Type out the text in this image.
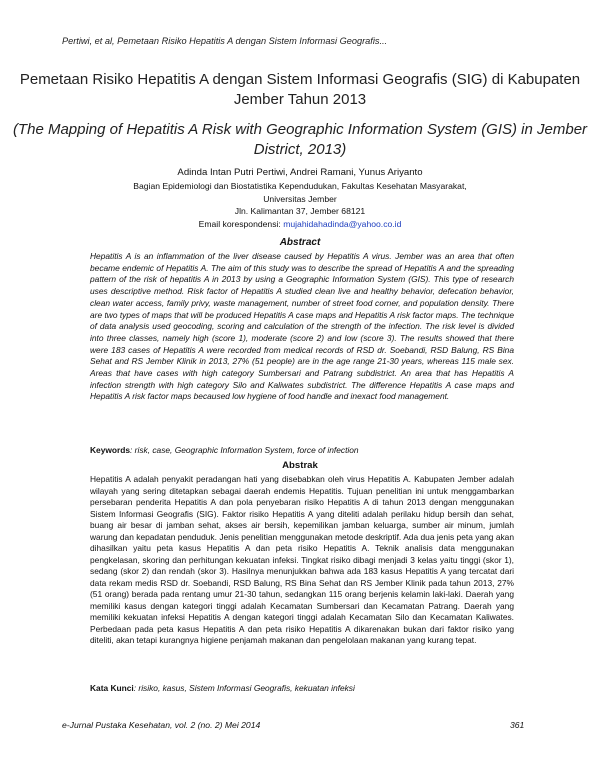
Pertiwi, et al, Pemetaan Risiko Hepatitis A dengan Sistem Informasi Geografis...
Pemetaan Risiko Hepatitis A dengan Sistem Informasi Geografis (SIG) di Kabupaten Jember Tahun 2013
(The Mapping of Hepatitis A Risk with Geographic Information System (GIS) in Jember District, 2013)
Adinda Intan Putri Pertiwi, Andrei Ramani, Yunus Ariyanto
Bagian Epidemiologi dan Biostatistika Kependudukan, Fakultas Kesehatan Masyarakat,
Universitas Jember
Jln. Kalimantan 37, Jember 68121
Email korespondensi: mujahidahadinda@yahoo.co.id
Abstract
Hepatitis A is an inflammation of the liver disease caused by Hepatitis A virus. Jember was an area that often became endemic of Hepatitis A. The aim of this study was to describe the spread of Hepatitis A and the spreading pattern of the risk of hepatitis A in 2013 by using a Geographic Information System (GIS). This type of research uses descriptive method. Risk factor of Hepatitis A studied clean live and healthy behavior, defecation behavior, clean water access, family privy, waste management, number of street food corner, and population density. There are two types of maps that will be produced Hepatitis A case maps and Hepatitis A risk factor maps. The technique of data analysis used geocoding, scoring and calculation of the strength of the infection. The risk level is divided into three classes, namely high (score 1), moderate (score 2) and low (score 3). The results showed that there were 183 cases of Hepatitis A were recorded from medical records of RSD dr. Soebandi, RSD Balung, RS Bina Sehat and RS Jember Klinik in 2013, 27% (51 people) are in the age range 21-30 years, whereas 115 male sex. Areas that have cases with high category Sumbersari and Patrang subdistrict. An area that has Hepatitis A infection strength with high category Silo and Kaliwates subdistrict. The difference Hepatitis A case maps and Hepatitis A risk factor maps becaused low hygiene of food handle and inexact food management.
Keywords: risk, case, Geographic Information System, force of infection
Abstrak
Hepatitis A adalah penyakit peradangan hati yang disebabkan oleh virus Hepatitis A. Kabupaten Jember adalah wilayah yang sering ditetapkan sebagai daerah endemis Hepatitis. Tujuan penelitian ini untuk menggambarkan persebaran penderita Hepatitis A dan pola penyebaran risiko Hepatitis A di tahun 2013 dengan menggunakan Sistem Informasi Geografis (SIG). Faktor risiko Hepatitis A yang diteliti adalah perilaku hidup bersih dan sehat, buang air besar di jamban sehat, akses air bersih, kepemilikan jamban keluarga, sumber air minum, jumlah warung dan kepadatan penduduk. Jenis penelitian menggunakan metode deskriptif. Ada dua jenis peta yang akan dihasilkan yaitu peta kasus Hepatitis A dan peta risiko Hepatitis A. Teknik analisis data menggunakan pengkelasan, skoring dan perhitungan kekuatan infeksi. Tingkat risiko dibagi menjadi 3 kelas yaitu tinggi (skor 1), sedang (skor 2) dan rendah (skor 3). Hasilnya menunjukkan bahwa ada 183 kasus Hepatitis A yang tercatat dari data rekam medis RSD dr. Soebandi, RSD Balung, RS Bina Sehat dan RS Jember Klinik pada tahun 2013, 27% (51 orang) berada pada rentang umur 21-30 tahun, sedangkan 115 orang berjenis kelamin laki-laki. Daerah yang memiliki kasus dengan kategori tinggi adalah Kecamatan Sumbersari dan Kecamatan Patrang. Daerah yang memiliki kekuatan infeksi Hepatitis A dengan kategori tinggi adalah Kecamatan Silo dan Kecamatan Kaliwates. Perbedaan pada peta kasus Hepatitis A dan peta risiko Hepatitis A dikarenakan bukan dari faktor risiko yang diteliti, akan tetapi kurangnya higiene penjamah makanan dan pengelolaan makanan yang kurang tepat.
Kata Kunci: risiko, kasus, Sistem Informasi Geografis, kekuatan infeksi
e-Jurnal Pustaka Kesehatan, vol. 2 (no. 2) Mei 2014	361
